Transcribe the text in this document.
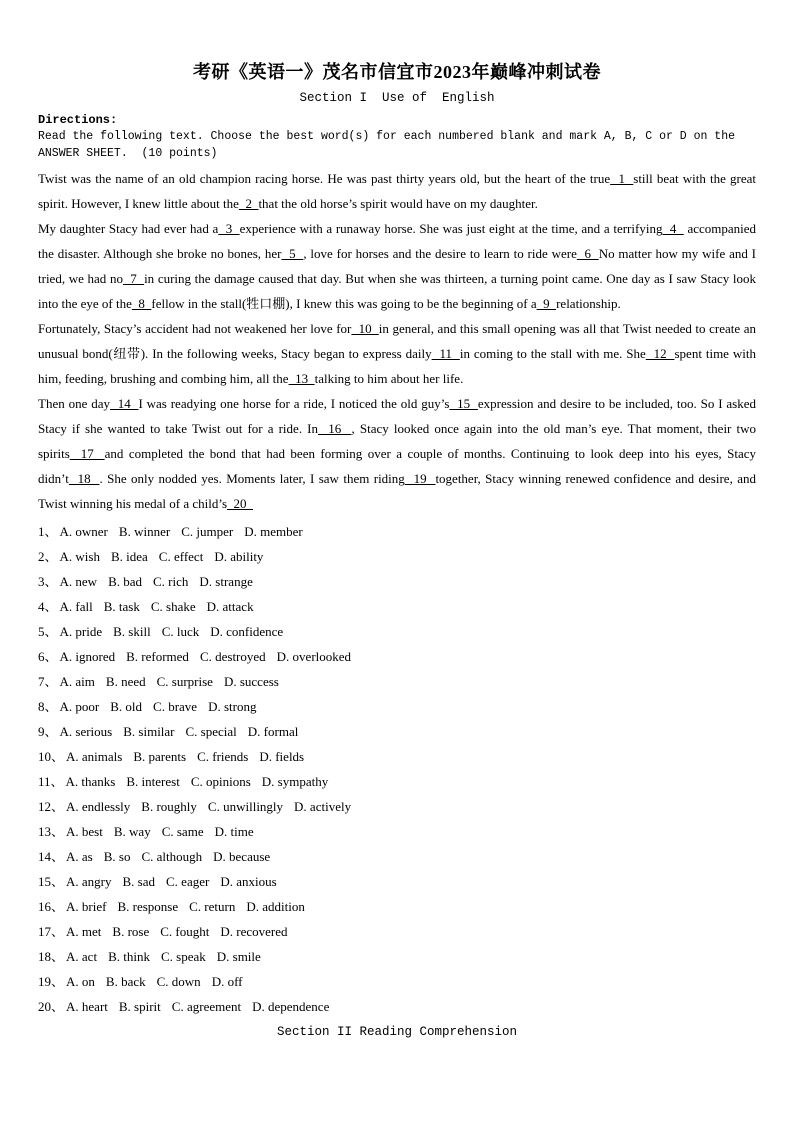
考研《英语一》茂名市信宜市2023年巅峰冲刺试卷
Section I  Use of  English
Directions:
Read the following text. Choose the best word(s) for each numbered blank and mark A, B, C or D on the ANSWER SHEET.  (10 points)

Twist was the name of an old champion racing horse. He was past thirty years old, but the heart of the true  1  still beat with the great spirit. However, I knew little about the  2  that the old horse’s spirit would have on my daughter.

My daughter Stacy had ever had a  3  experience with a runaway horse. She was just eight at the time, and a terrifying  4   accompanied the disaster. Although she broke no bones, her  5  , love for horses and the desire to learn to ride were  6  No matter how my wife and I tried, we had no  7  in curing the damage caused that day. But when she was thirteen, a turning point came. One day as I saw Stacy look into the eye of the  8  fellow in the stall(牲口棚), I knew this was going to be the beginning of a  9  relationship.

Fortunately, Stacy’s accident had not weakened her love for  10  in general, and this small opening was all that Twist needed to create an unusual bond(纽带). In the following weeks, Stacy began to express daily  11  in coming to the stall with me. She  12  spent time with him, feeding, brushing and combing him, all the  13  talking to him about her life.

Then one day  14  I was readying one horse for a ride, I noticed the old guy’s  15  expression and desire to be included, too. So I asked Stacy if she wanted to take Twist out for a ride. In  16  , Stacy looked once again into the old man’s eye. That moment, their two spirits  17  and completed the bond that had been forming over a couple of months. Continuing to look deep into his eyes, Stacy didn’t  18  . She only nodded yes. Moments later, I saw them riding  19  together, Stacy winning renewed confidence and desire, and Twist winning his medal of a child’s  20

1、 A. owner B. winner C. jumper D. member
2、 A. wish B. idea C. effect D. ability
3、 A. new B. bad C. rich D. strange
4、 A. fall B. task C. shake D. attack
5、 A. pride B. skill C. luck D. confidence
6、 A. ignored B. reformed C. destroyed D. overlooked
7、 A. aim B. need C. surprise D. success
8、 A. poor B. old C. brave D. strong
9、 A. serious B. similar C. special D. formal
10、 A. animals B. parents C. friends D. fields
11、 A. thanks B. interest C. opinions D. sympathy
12、 A. endlessly B. roughly C. unwillingly D. actively
13、 A. best B. way C. same D. time
14、 A. as B. so C. although D. because
15、 A. angry B. sad C. eager D. anxious
16、 A. brief B. response C. return D. addition
17、 A. met B. rose C. fought D. recovered
18、 A. act B. think C. speak D. smile
19、 A. on B. back C. down D. off
20、 A. heart B. spirit C. agreement D. dependence
Section II Reading Comprehension
